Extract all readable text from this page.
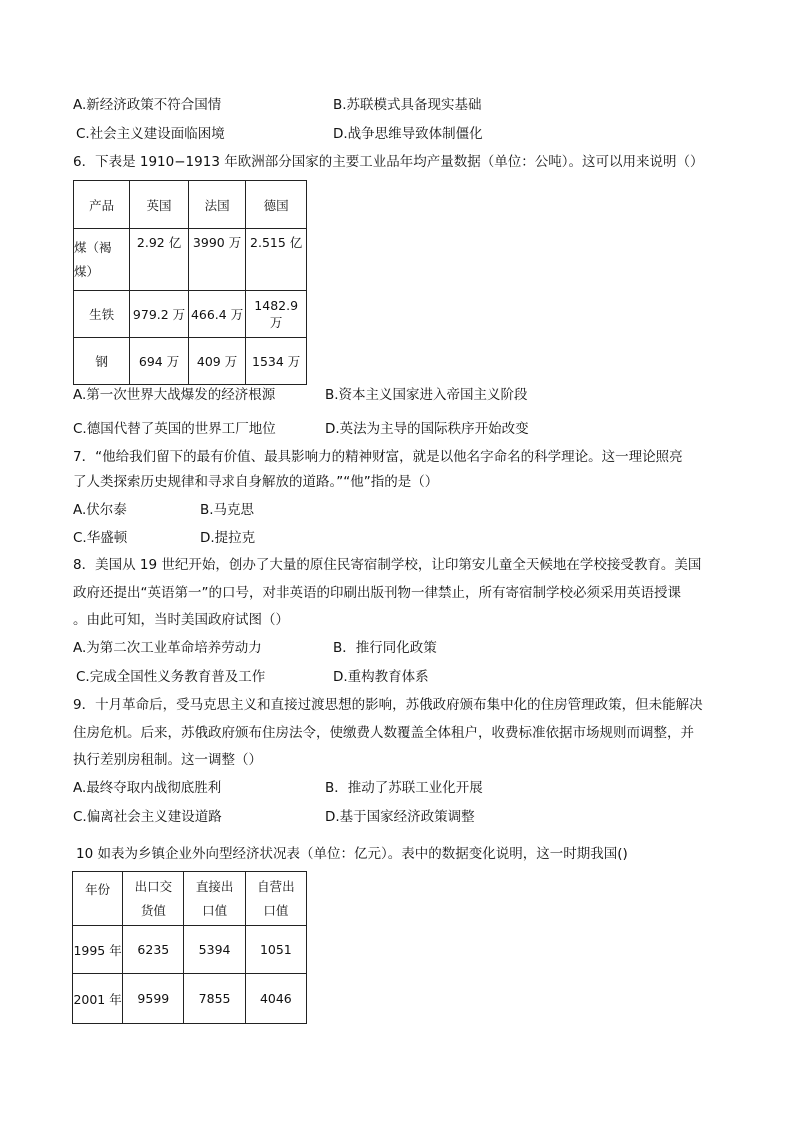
A.新经济政策不符合国情	B.苏联模式具备现实基础
C.社会主义建设面临困境	D.战争思维导致体制僵化
6．下表是 1910−1913 年欧洲部分国家的主要工业品年均产量数据（单位：公吨）。这可以用来说明（）
产品	英国	法国	德国
煤（褐煤）	2.92 亿	3990 万	2.515 亿
生铁	979.2 万	466.4 万	1482.9 万
钢	694 万	409 万	1534 万
A.第一次世界大战爆发的经济根源	B.资本主义国家进入帝国主义阶段
C.德国代替了英国的世界工厂地位	D.英法为主导的国际秩序开始改变
7．“他给我们留下的最有价值、最具影响力的精神财富，就是以他名字命名的科学理论。这一理论照亮
了人类探索历史规律和寻求自身解放的道路。”“他”指的是（）
A.伏尔泰	B.马克思
C.华盛顿	D.提拉克
8．美国从 19 世纪开始，创办了大量的原住民寄宿制学校，让印第安儿童全天候地在学校接受教育。美国
政府还提出“英语第一”的口号，对非英语的印刷出版刊物一律禁止，所有寄宿制学校必须采用英语授课
。由此可知，当时美国政府试图（）
A.为第二次工业革命培养劳动力	B．推行同化政策
C.完成全国性义务教育普及工作	D.重构教育体系
9．十月革命后，受马克思主义和直接过渡思想的影响，苏俄政府颁布集中化的住房管理政策，但未能解决
住房危机。后来，苏俄政府颁布住房法令，使缴费人数覆盖全体租户，收费标准依据市场规则而调整，并
执行差别房租制。这一调整（）
A.最终夺取内战彻底胜利	B．推动了苏联工业化开展
C.偏离社会主义建设道路	D.基于国家经济政策调整
10 如表为乡镇企业外向型经济状况表（单位：亿元）。表中的数据变化说明，这一时期我国()
年份	出口交货值	直接出口值	自营出口值
1995 年	6235	5394	1051
2001 年	9599	7855	4046
